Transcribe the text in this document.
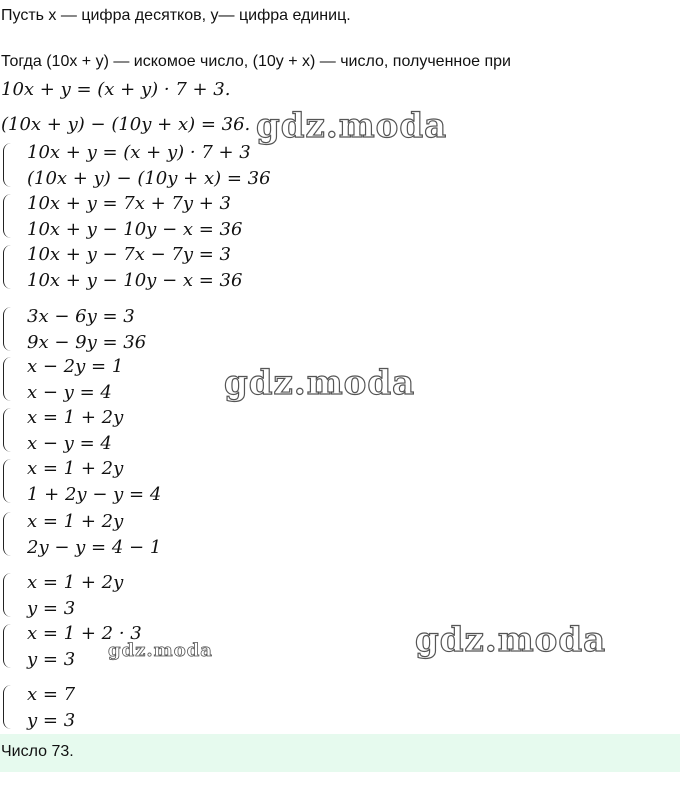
Пусть x — цифра десятков, y— цифра единиц.

Тогда (10x + y) — искомое число, (10y + x) — число, полученное при

10x + y = (x + y) · 7 + 3.

(10x + y) − (10y + x) = 36.

10x + y = (x + y) · 7 + 3

(10x + y) − (10y + x) = 36

10x + y = 7x + 7y + 3

10x + y − 10y − x = 36

10x + y − 7x − 7y = 3

10x + y − 10y − x = 36

3x − 6y = 3

9x − 9y = 36

x − 2y = 1

x − y = 4

x = 1 + 2y

x − y = 4

x = 1 + 2y

1 + 2y − y = 4

x = 1 + 2y

2y − y = 4 − 1

x = 1 + 2y

y = 3

x = 1 + 2 · 3

y = 3

x = 7

y = 3

Число 73.

gdz.moda

gdz.moda

gdz.moda

gdz.moda
